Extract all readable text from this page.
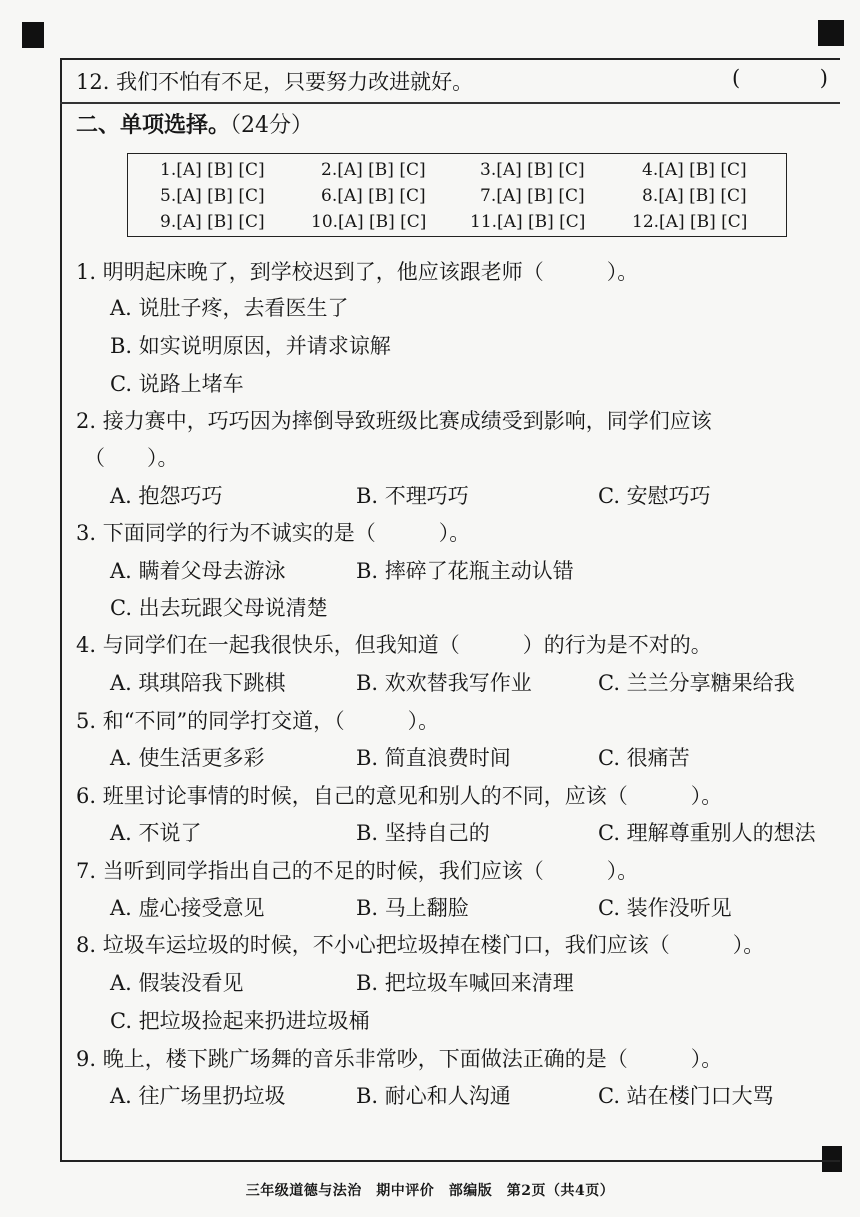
12. 我们不怕有不足，只要努力改进就好。	(	)
二、单项选择。（24分）
1.[A] [B] [C]	2.[A] [B] [C]	3.[A] [B] [C]	4.[A] [B] [C]
5.[A] [B] [C]	6.[A] [B] [C]	7.[A] [B] [C]	8.[A] [B] [C]
9.[A] [B] [C]	10.[A] [B] [C]	11.[A] [B] [C]	12.[A] [B] [C]
1. 明明起床晚了，到学校迟到了，他应该跟老师（　　　）。
A. 说肚子疼，去看医生了
B. 如实说明原因，并请求谅解
C. 说路上堵车
2. 接力赛中，巧巧因为摔倒导致班级比赛成绩受到影响，同学们应该
（　　）。
A. 抱怨巧巧	B. 不理巧巧	C. 安慰巧巧
3. 下面同学的行为不诚实的是（　　　）。
A. 瞒着父母去游泳	B. 摔碎了花瓶主动认错
C. 出去玩跟父母说清楚
4. 与同学们在一起我很快乐，但我知道（　　　）的行为是不对的。
A. 琪琪陪我下跳棋	B. 欢欢替我写作业	C. 兰兰分享糖果给我
5. 和“不同”的同学打交道，（　　　）。
A. 使生活更多彩	B. 简直浪费时间	C. 很痛苦
6. 班里讨论事情的时候，自己的意见和别人的不同，应该（　　　）。
A. 不说了	B. 坚持自己的	C. 理解尊重别人的想法
7. 当听到同学指出自己的不足的时候，我们应该（　　　）。
A. 虚心接受意见	B. 马上翻脸	C. 装作没听见
8. 垃圾车运垃圾的时候，不小心把垃圾掉在楼门口，我们应该（　　　）。
A. 假装没看见	B. 把垃圾车喊回来清理
C. 把垃圾捡起来扔进垃圾桶
9. 晚上，楼下跳广场舞的音乐非常吵，下面做法正确的是（　　　）。
A. 往广场里扔垃圾	B. 耐心和人沟通	C. 站在楼门口大骂
三年级道德与法治　期中评价　部编版　第2页（共4页）
